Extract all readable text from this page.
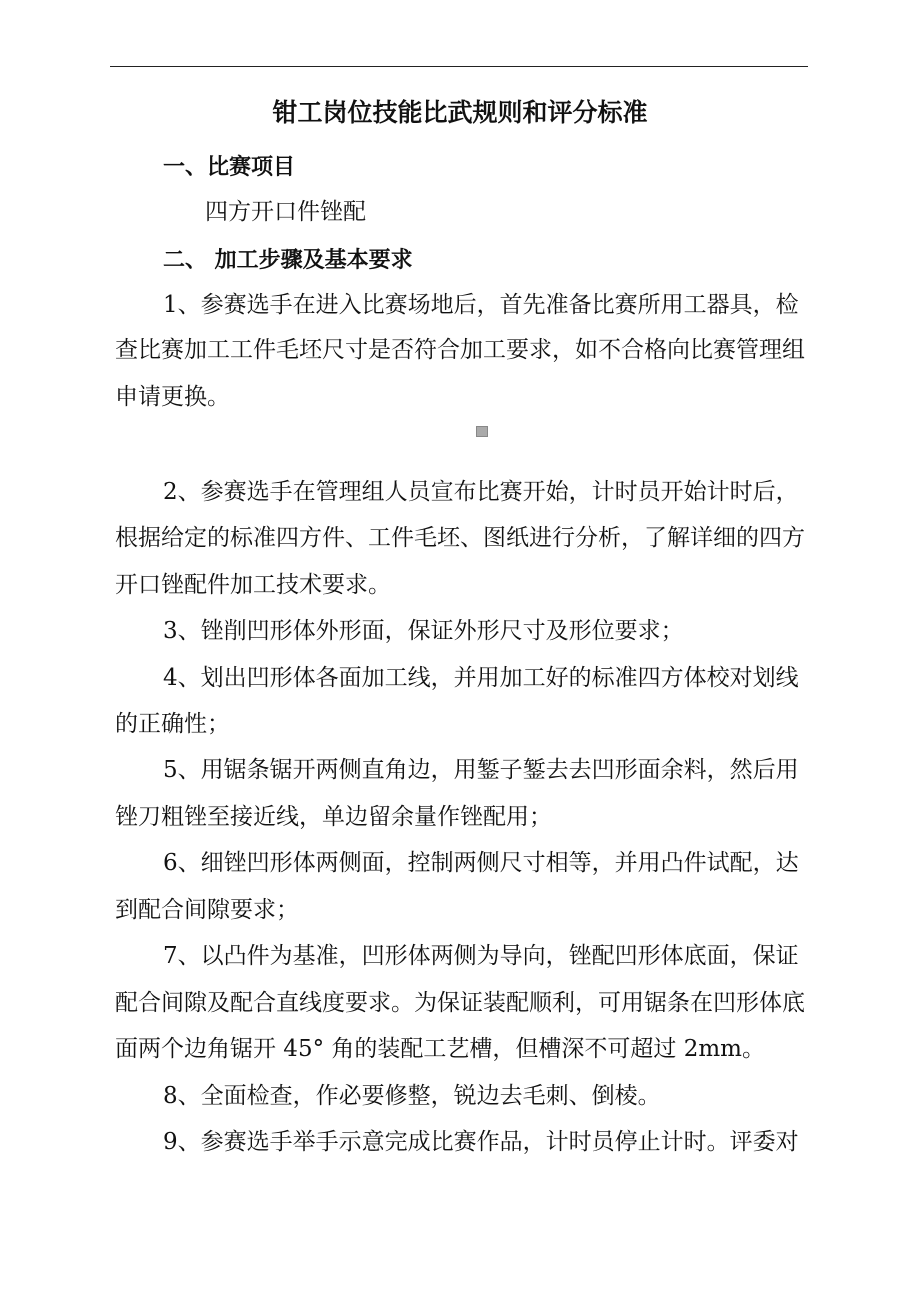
钳工岗位技能比武规则和评分标准
一、比赛项目
四方开口件锉配
二、 加工步骤及基本要求
1、参赛选手在进入比赛场地后，首先准备比赛所用工器具，检
查比赛加工工件毛坯尺寸是否符合加工要求，如不合格向比赛管理组
申请更换。
2、参赛选手在管理组人员宣布比赛开始，计时员开始计时后，
根据给定的标准四方件、工件毛坯、图纸进行分析，了解详细的四方
开口锉配件加工技术要求。
3、锉削凹形体外形面，保证外形尺寸及形位要求；
4、划出凹形体各面加工线，并用加工好的标准四方体校对划线
的正确性；
5、用锯条锯开两侧直角边，用錾子錾去去凹形面余料，然后用
锉刀粗锉至接近线，单边留余量作锉配用；
6、细锉凹形体两侧面，控制两侧尺寸相等，并用凸件试配，达
到配合间隙要求；
7、以凸件为基准，凹形体两侧为导向，锉配凹形体底面，保证
配合间隙及配合直线度要求。为保证装配顺利，可用锯条在凹形体底
面两个边角锯开 45° 角的装配工艺槽，但槽深不可超过 2mm。
8、全面检查，作必要修整，锐边去毛刺、倒棱。
9、参赛选手举手示意完成比赛作品，计时员停止计时。评委对
